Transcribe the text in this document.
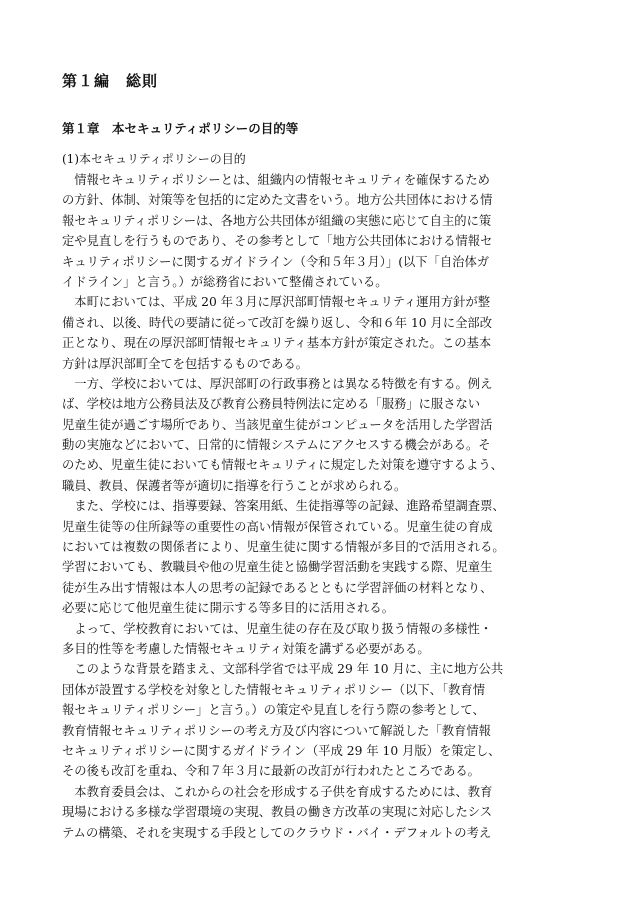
第１編　総則
第１章　本セキュリティポリシーの目的等
(1)本セキュリティポリシーの目的
　情報セキュリティポリシーとは、組織内の情報セキュリティを確保するため
の方針、体制、対策等を包括的に定めた文書をいう。地方公共団体における情
報セキュリティポリシーは、各地方公共団体が組織の実態に応じて自主的に策
定や見直しを行うものであり、その参考として「地方公共団体における情報セ
キュリティポリシーに関するガイドライン（令和５年３月）」(以下「自治体ガ
イドライン」と言う。）が総務省において整備されている。
　本町においては、平成 20 年３月に厚沢部町情報セキュリティ運用方針が整
備され、以後、時代の要請に従って改訂を繰り返し、令和６年 10 月に全部改
正となり、現在の厚沢部町情報セキュリティ基本方針が策定された。この基本
方針は厚沢部町全てを包括するものである。
　一方、学校においては、厚沢部町の行政事務とは異なる特徴を有する。例え
ば、学校は地方公務員法及び教育公務員特例法に定める「服務」に服さない
児童生徒が過ごす場所であり、当該児童生徒がコンピュータを活用した学習活
動の実施などにおいて、日常的に情報システムにアクセスする機会がある。そ
のため、児童生徒においても情報セキュリティに規定した対策を遵守するよう、
職員、教員、保護者等が適切に指導を行うことが求められる。
　また、学校には、指導要録、答案用紙、生徒指導等の記録、進路希望調査票、
児童生徒等の住所録等の重要性の高い情報が保管されている。児童生徒の育成
においては複数の関係者により、児童生徒に関する情報が多目的で活用される。
学習においても、教職員や他の児童生徒と協働学習活動を実践する際、児童生
徒が生み出す情報は本人の思考の記録であるとともに学習評価の材料となり、
必要に応じて他児童生徒に開示する等多目的に活用される。
　よって、学校教育においては、児童生徒の存在及び取り扱う情報の多様性・
多目的性等を考慮した情報セキュリティ対策を講ずる必要がある。
　このような背景を踏まえ、文部科学省では平成 29 年 10 月に、主に地方公共
団体が設置する学校を対象とした情報セキュリティポリシー（以下、「教育情
報セキュリティポリシー」と言う。）の策定や見直しを行う際の参考として、
教育情報セキュリティポリシーの考え方及び内容について解説した「教育情報
セキュリティポリシーに関するガイドライン（平成 29 年 10 月版）を策定し、
その後も改訂を重ね、令和７年３月に最新の改訂が行われたところである。
　本教育委員会は、これからの社会を形成する子供を育成するためには、教育
現場における多様な学習環境の実現、教員の働き方改革の実現に対応したシス
テムの構築、それを実現する手段としてのクラウド・バイ・デフォルトの考え
